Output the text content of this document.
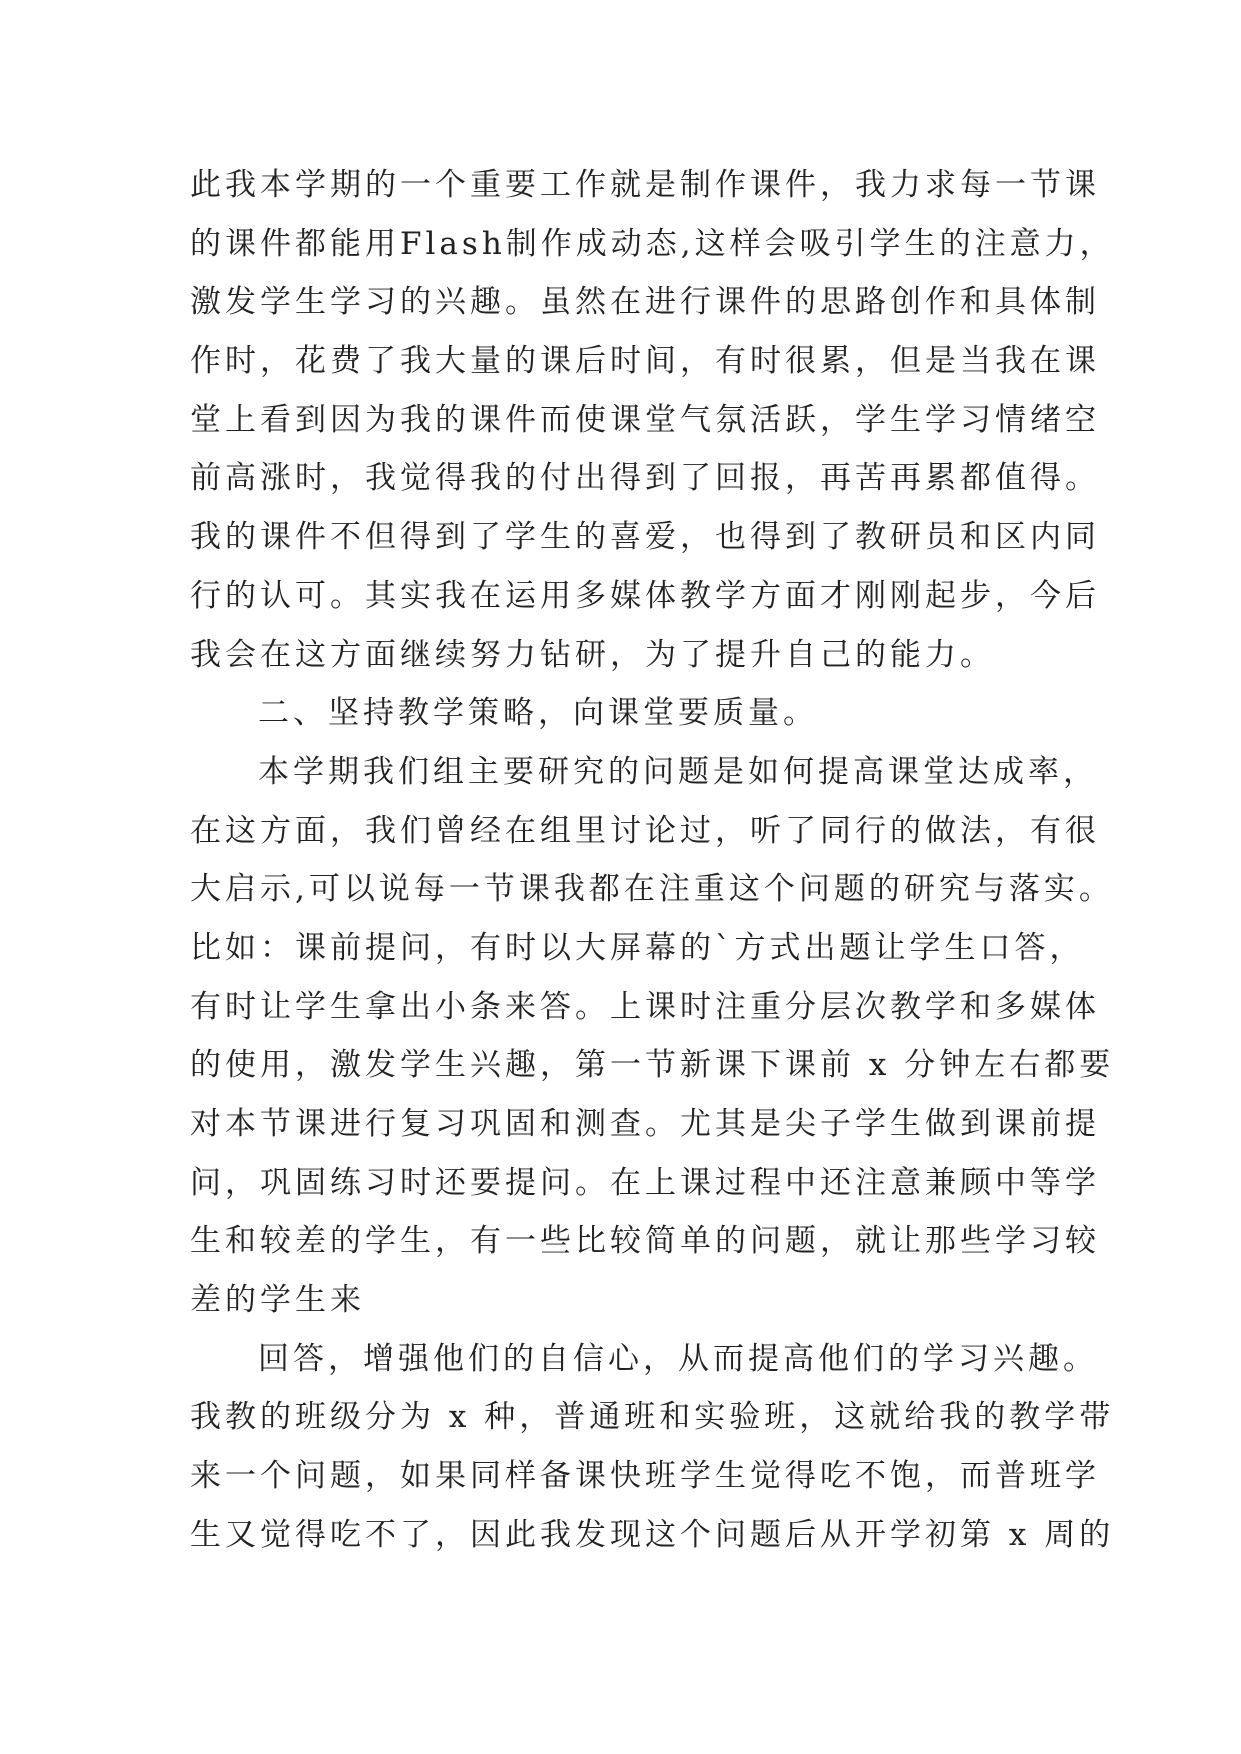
此我本学期的一个重要工作就是制作课件，我力求每一节课
的课件都能用Flash制作成动态,这样会吸引学生的注意力，
激发学生学习的兴趣。虽然在进行课件的思路创作和具体制
作时，花费了我大量的课后时间，有时很累，但是当我在课
堂上看到因为我的课件而使课堂气氛活跃，学生学习情绪空
前高涨时，我觉得我的付出得到了回报，再苦再累都值得。
我的课件不但得到了学生的喜爱，也得到了教研员和区内同
行的认可。其实我在运用多媒体教学方面才刚刚起步，今后
我会在这方面继续努力钻研，为了提升自己的能力。
二、坚持教学策略，向课堂要质量。
本学期我们组主要研究的问题是如何提高课堂达成率，
在这方面，我们曾经在组里讨论过，听了同行的做法，有很
大启示,可以说每一节课我都在注重这个问题的研究与落实。
比如：课前提问，有时以大屏幕的`方式出题让学生口答，
有时让学生拿出小条来答。上课时注重分层次教学和多媒体
的使用，激发学生兴趣，第一节新课下课前 x 分钟左右都要
对本节课进行复习巩固和测查。尤其是尖子学生做到课前提
问，巩固练习时还要提问。在上课过程中还注意兼顾中等学
生和较差的学生，有一些比较简单的问题，就让那些学习较
差的学生来
回答，增强他们的自信心，从而提高他们的学习兴趣。
我教的班级分为 x 种，普通班和实验班，这就给我的教学带
来一个问题，如果同样备课快班学生觉得吃不饱，而普班学
生又觉得吃不了，因此我发现这个问题后从开学初第 x 周的
